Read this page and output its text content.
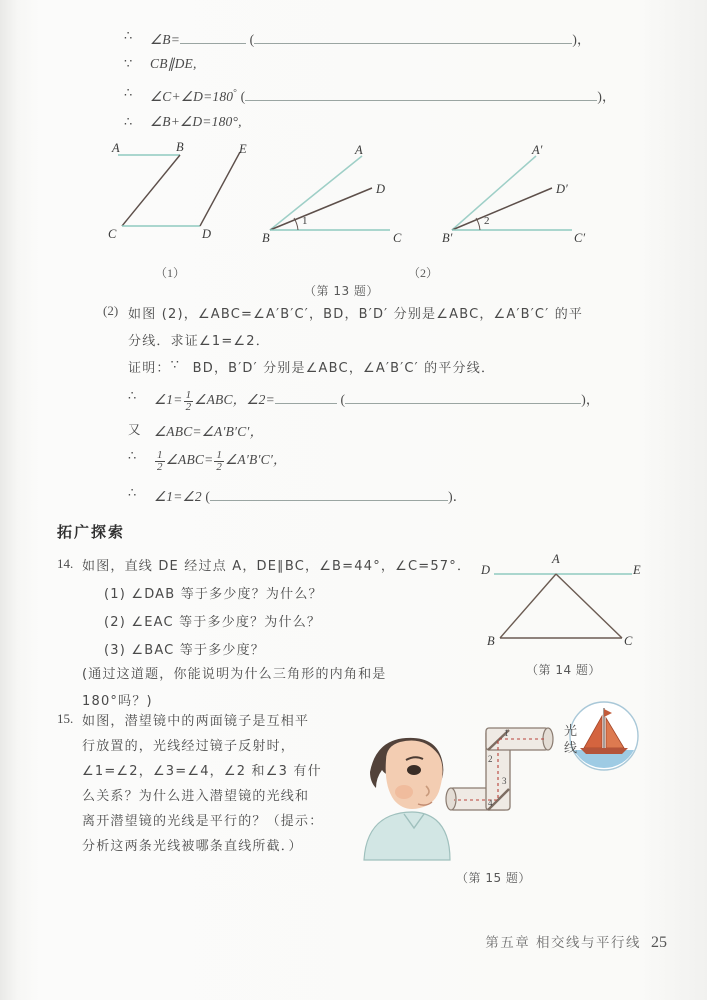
∴ ∠B=	(	)，
∵ CB∥DE,
∴ ∠C+∠D=180° (	)，
∴ ∠B+∠D=180°,
A	B
C	D
E	A
D
B	C
1
A′
D′
B′	C′
2
（1）	（2）
（第 13 题）
(2) 如图 (2)，∠ABC=∠A′B′C′，BD，B′D′ 分别是∠ABC，∠A′B′C′ 的平
分线．求证∠1=∠2．
证明：∵ BD，B′D′ 分别是∠ABC，∠A′B′C′ 的平分线．
∴ ∠1= $\frac{1}{2}$ ∠ABC，∠2=	(	)，
又 ∠ABC=∠A′B′C′，
∴ $\frac{1}{2}$ ∠ABC= $\frac{1}{2}$ ∠A′B′C′，
∴ ∠1=∠2 (	)．
拓广探索
14. 如图，直线 DE 经过点 A，DE∥BC，∠B=44°，∠C=57°．
(1) ∠DAB 等于多少度？为什么？
(2) ∠EAC 等于多少度？为什么？
(3) ∠BAC 等于多少度？
(通过这道题，你能说明为什么三角形的内角和是
180°吗？)
D
A
E
B	C
（第 14 题）
15. 如图，潜望镜中的两面镜子是互相平
行放置的，光线经过镜子反射时，
∠1=∠2，∠3=∠4，∠2 和∠3 有什
么关系？为什么进入潜望镜的光线和
离开潜望镜的光线是平行的？（提示：
分析这两条光线被哪条直线所截．）
1
2
3
4
光线
（第 15 题）
第五章 相交线与平行线 25
